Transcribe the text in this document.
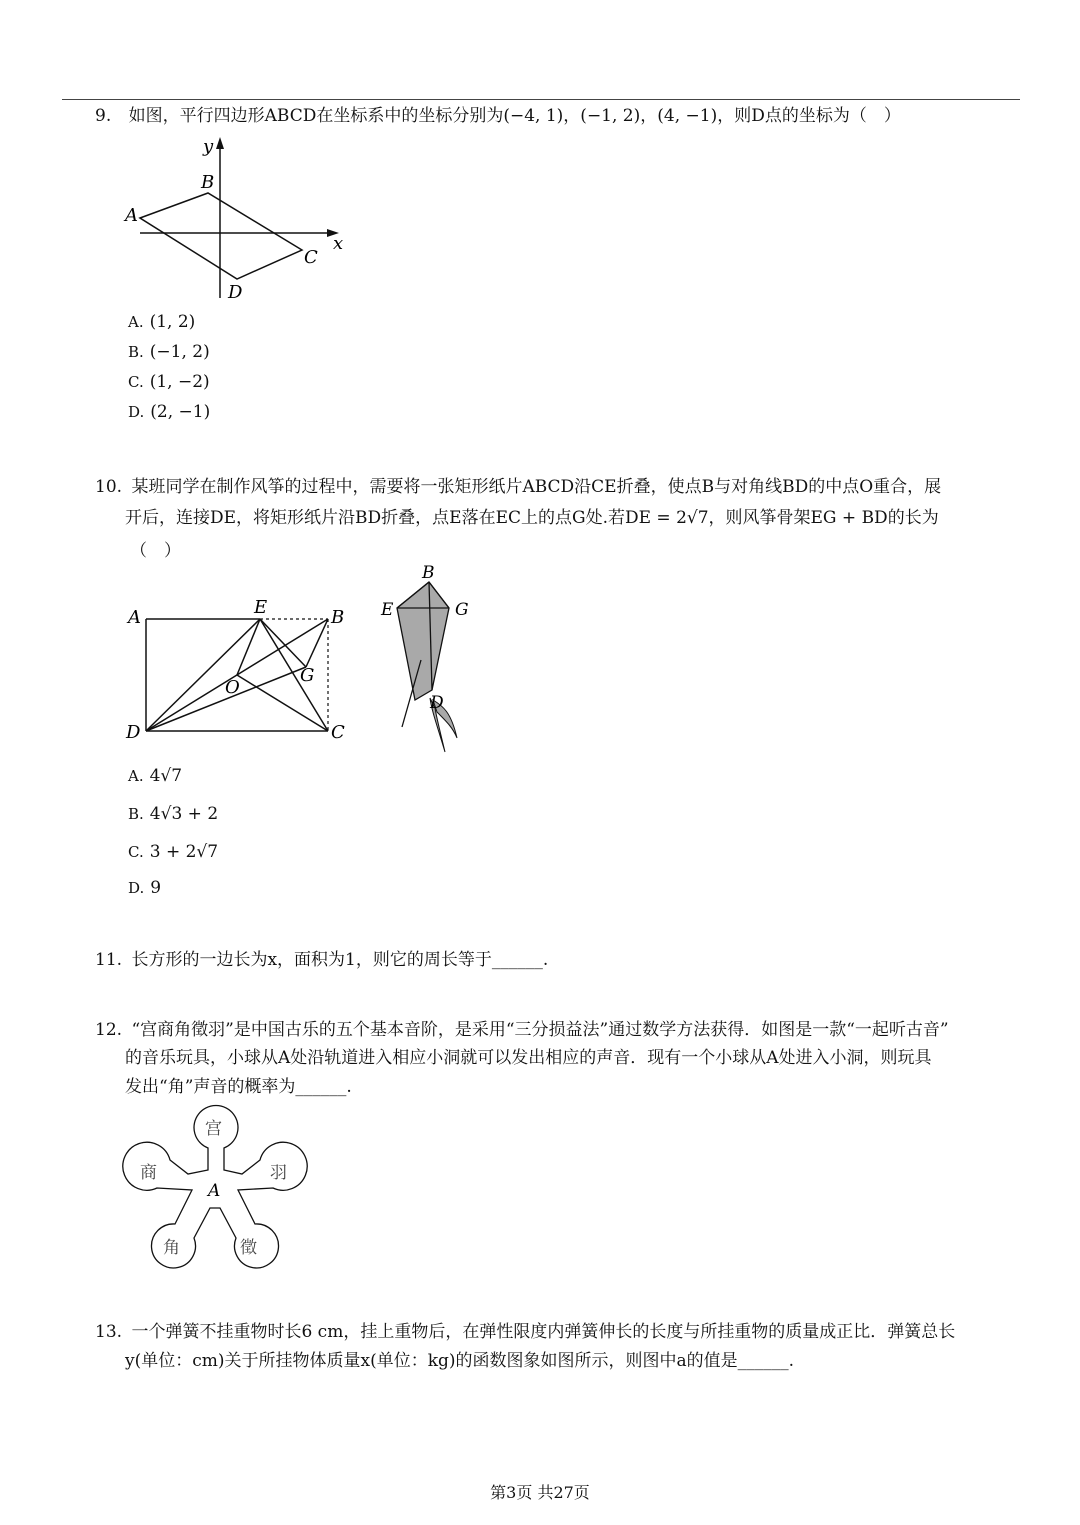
9. 如图，平行四边形ABCD在坐标系中的坐标分别为(−4, 1)，(−1, 2)，(4, −1)，则D点的坐标为（　）
y
x
A
B
C
D
A. (1, 2)
B. (−1, 2)
C. (1, −2)
D. (2, −1)
10. 某班同学在制作风筝的过程中，需要将一张矩形纸片ABCD沿CE折叠，使点B与对角线BD的中点O重合，展
开后，连接DE，将矩形纸片沿BD折叠，点E落在EC上的点G处.若DE = 2√7，则风筝骨架EG + BD的长为
（　）
A	E	B
O
G
D	C
B
E	G
D
A. 4√7
B. 4√3 + 2
C. 3 + 2√7
D. 9
11. 长方形的一边长为x，面积为1，则它的周长等于______.
12. “宫商角徵羽”是中国古乐的五个基本音阶，是采用“三分损益法”通过数学方法获得．如图是一款“一起听古音”
的音乐玩具，小球从A处沿轨道进入相应小洞就可以发出相应的声音．现有一个小球从A处进入小洞，则玩具
发出“角”声音的概率为______.
宫
商	羽
角	徵
A
13. 一个弹簧不挂重物时长6 cm，挂上重物后，在弹性限度内弹簧伸长的长度与所挂重物的质量成正比．弹簧总长
y(单位：cm)关于所挂物体质量x(单位：kg)的函数图象如图所示，则图中a的值是______.
第3页 共27页
